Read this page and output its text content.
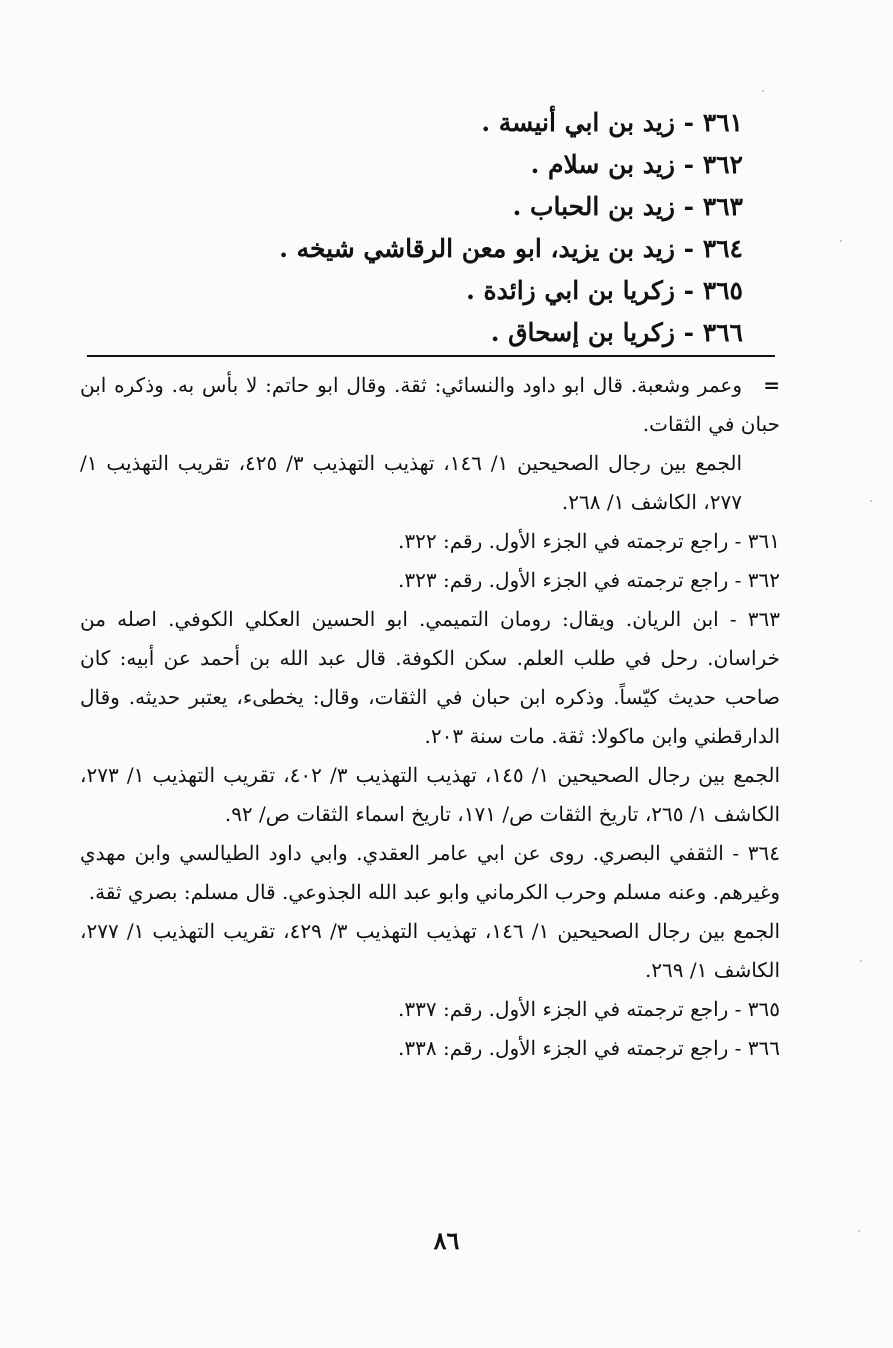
٣٦١ - زيد بن ابي أنيسة .
٣٦٢ - زيد بن سلام .
٣٦٣ - زيد بن الحباب .
٣٦٤ - زيد بن يزيد، ابو معن الرقاشي شيخه .
٣٦٥ - زكريا بن ابي زائدة .
٣٦٦ - زكريا بن إسحاق .

=وعمر وشعبة. قال ابو داود والنسائي: ثقة. وقال ابو حاتم: لا بأس به. وذكره ابن حبان في الثقات.

الجمع بين رجال الصحيحين ١/ ١٤٦، تهذيب التهذيب ٣/ ٤٢٥، تقريب التهذيب ١/ ٢٧٧، الكاشف ١/ ٢٦٨.

٣٦١ - راجع ترجمته في الجزء الأول. رقم: ٣٢٢.

٣٦٢ - راجع ترجمته في الجزء الأول. رقم: ٣٢٣.

٣٦٣ - ابن الريان. ويقال: رومان التميمي. ابو الحسين العكلي الكوفي. اصله من خراسان. رحل في طلب العلم. سكن الكوفة. قال عبد الله بن أحمد عن أبيه: كان صاحب حديث كيّساً. وذكره ابن حبان في الثقات، وقال: يخطىء، يعتبر حديثه. وقال الدارقطني وابن ماكولا: ثقة. مات سنة ٢٠٣.

الجمع بين رجال الصحيحين ١/ ١٤٥، تهذيب التهذيب ٣/ ٤٠٢، تقريب التهذيب ١/ ٢٧٣، الكاشف ١/ ٢٦٥، تاريخ الثقات ص/ ١٧١، تاريخ اسماء الثقات ص/ ٩٢.

٣٦٤ - الثقفي البصري. روى عن ابي عامر العقدي. وابي داود الطيالسي وابن مهدي وغيرهم. وعنه مسلم وحرب الكرماني وابو عبد الله الجذوعي. قال مسلم: بصري ثقة.

الجمع بين رجال الصحيحين ١/ ١٤٦، تهذيب التهذيب ٣/ ٤٢٩، تقريب التهذيب ١/ ٢٧٧، الكاشف ١/ ٢٦٩.

٣٦٥ - راجع ترجمته في الجزء الأول. رقم: ٣٣٧.

٣٦٦ - راجع ترجمته في الجزء الأول. رقم: ٣٣٨.

٨٦
